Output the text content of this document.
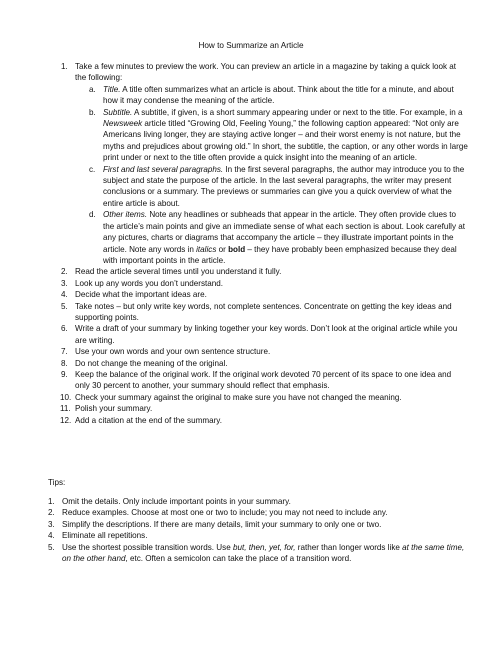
How to Summarize an Article
1. Take a few minutes to preview the work. You can preview an article in a magazine by taking a quick look at the following:
a. Title. A title often summarizes what an article is about. Think about the title for a minute, and about how it may condense the meaning of the article.
b. Subtitle. A subtitle, if given, is a short summary appearing under or next to the title. For example, in a Newsweek article titled “Growing Old, Feeling Young,” the following caption appeared: “Not only are Americans living longer, they are staying active longer – and their worst enemy is not nature, but the myths and prejudices about growing old.” In short, the subtitle, the caption, or any other words in large print under or next to the title often provide a quick insight into the meaning of an article.
c. First and last several paragraphs. In the first several paragraphs, the author may introduce you to the subject and state the purpose of the article. In the last several paragraphs, the writer may present conclusions or a summary. The previews or summaries can give you a quick overview of what the entire article is about.
d. Other items. Note any headlines or subheads that appear in the article. They often provide clues to the article’s main points and give an immediate sense of what each section is about. Look carefully at any pictures, charts or diagrams that accompany the article – they illustrate important points in the article. Note any words in italics or bold – they have probably been emphasized because they deal with important points in the article.
2. Read the article several times until you understand it fully.
3. Look up any words you don’t understand.
4. Decide what the important ideas are.
5. Take notes – but only write key words, not complete sentences. Concentrate on getting the key ideas and supporting points.
6. Write a draft of your summary by linking together your key words. Don’t look at the original article while you are writing.
7. Use your own words and your own sentence structure.
8. Do not change the meaning of the original.
9. Keep the balance of the original work. If the original work devoted 70 percent of its space to one idea and only 30 percent to another, your summary should reflect that emphasis.
10. Check your summary against the original to make sure you have not changed the meaning.
11. Polish your summary.
12. Add a citation at the end of the summary.
Tips:
1. Omit the details. Only include important points in your summary.
2. Reduce examples. Choose at most one or two to include; you may not need to include any.
3. Simplify the descriptions. If there are many details, limit your summary to only one or two.
4. Eliminate all repetitions.
5. Use the shortest possible transition words. Use but, then, yet, for, rather than longer words like at the same time, on the other hand, etc. Often a semicolon can take the place of a transition word.
